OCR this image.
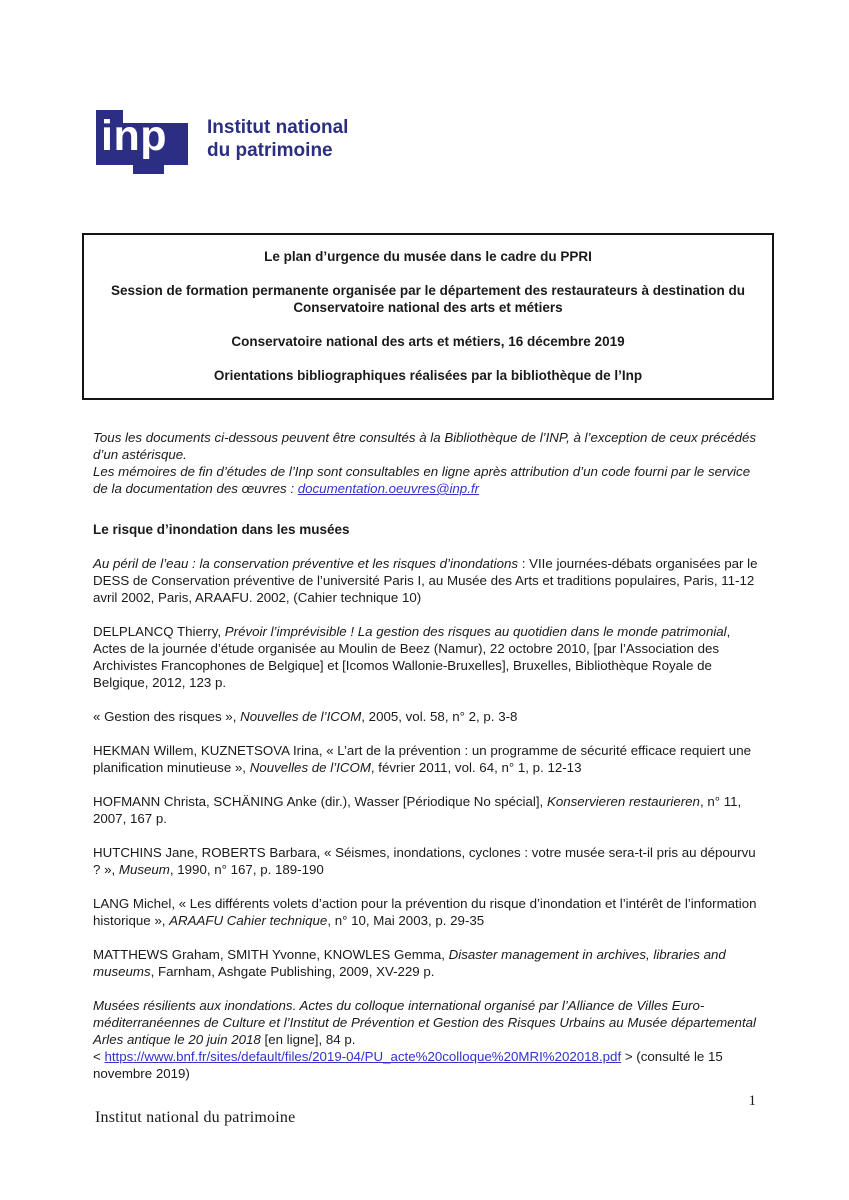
inp Institut national
du patrimoine

Le plan d’urgence du musée dans le cadre du PPRI

Session de formation permanente organisée par le département des restaurateurs à destination du Conservatoire national des arts et métiers

Conservatoire national des arts et métiers, 16 décembre 2019

Orientations bibliographiques réalisées par la bibliothèque de l’Inp

Tous les documents ci-dessous peuvent être consultés à la Bibliothèque de l’INP, à l’exception de ceux précédés d’un astérisque.

Les mémoires de fin d’études de l’Inp sont consultables en ligne après attribution d’un code fourni par le service de la documentation des œuvres : documentation.oeuvres@inp.fr

Le risque d’inondation dans les musées

Au péril de l’eau : la conservation préventive et les risques d’inondations : VIIe journées-débats organisées par le DESS de Conservation préventive de l’université Paris I, au Musée des Arts et traditions populaires, Paris, 11-12 avril 2002, Paris, ARAAFU. 2002, (Cahier technique 10)

DELPLANCQ Thierry, Prévoir l’imprévisible ! La gestion des risques au quotidien dans le monde patrimonial, Actes de la journée d’étude organisée au Moulin de Beez (Namur), 22 octobre 2010, [par l’Association des Archivistes Francophones de Belgique] et [Icomos Wallonie-Bruxelles], Bruxelles, Bibliothèque Royale de Belgique, 2012, 123 p.

« Gestion des risques », Nouvelles de l’ICOM, 2005, vol. 58, n° 2, p. 3-8

HEKMAN Willem, KUZNETSOVA Irina, « L’art de la prévention : un programme de sécurité efficace requiert une planification minutieuse », Nouvelles de l’ICOM, février 2011, vol. 64, n° 1, p. 12-13

HOFMANN Christa, SCHÄNING Anke (dir.), Wasser [Périodique No spécial], Konservieren restaurieren, n° 11, 2007, 167 p.

HUTCHINS Jane, ROBERTS Barbara, « Séismes, inondations, cyclones : votre musée sera-t-il pris au dépourvu ? », Museum, 1990, n° 167, p. 189-190

LANG Michel, « Les différents volets d’action pour la prévention du risque d’inondation et l’intérêt de l’information historique », ARAAFU Cahier technique, n° 10, Mai 2003, p. 29-35

MATTHEWS Graham, SMITH Yvonne, KNOWLES Gemma, Disaster management in archives, libraries and museums, Farnham, Ashgate Publishing, 2009, XV-229 p.

Musées résilients aux inondations. Actes du colloque international organisé par l’Alliance de Villes Euro-méditerranéennes de Culture et l’Institut de Prévention et Gestion des Risques Urbains au Musée départemental Arles antique le 20 juin 2018 [en ligne], 84 p.
< https://www.bnf.fr/sites/default/files/2019-04/PU_acte%20colloque%20MRI%202018.pdf > (consulté le 15 novembre 2019)

1
Institut national du patrimoine
